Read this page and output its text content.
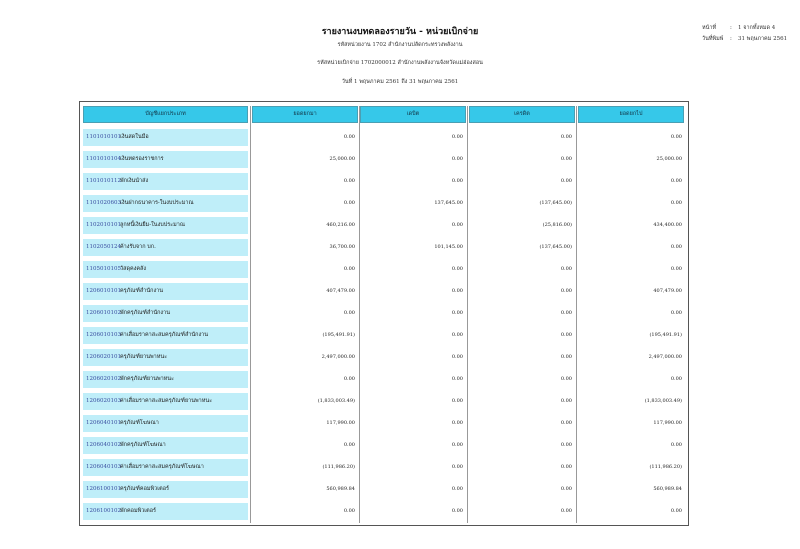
รายงานงบทดลองรายวัน - หน่วยเบิกจ่าย
รหัสหน่วยงาน 1702 สำนักงานปลัดกระทรวงพลังงาน
รหัสหน่วยเบิกจ่าย 1702000012 สำนักงานพลังงานจังหวัดแม่ฮ่องสอน
วันที่ 1 พฤษภาคม 2561 ถึง 31 พฤษภาคม 2561
หน้าที่	: 1 จากทั้งหมด 4
วันที่พิมพ์ : 31 พฤษภาคม 2561
บัญชีแยกประเภท	ยอดยกมา	เดบิต	เครดิต	ยอดยกไป
1101010101เงินสดในมือ	0.00	0.00	0.00	0.00
1101010104เงินทดรองราชการ	25,000.00	0.00	0.00	25,000.00
1101010112พักเงินนำส่ง	0.00	0.00	0.00	0.00
1101020603เงินฝากธนาคาร-ในงบประมาณ	0.00	137,645.00	(137,645.00)	0.00
1102010101ลูกหนี้เงินยืม-ในงบประมาณ	460,216.00	0.00	(25,816.00)	434,400.00
1102050124ค้างรับจาก บก.	36,700.00	101,145.00	(137,645.00)	0.00
1105010105วัสดุคงคลัง	0.00	0.00	0.00	0.00
1206010101ครุภัณฑ์สำนักงาน	407,479.00	0.00	0.00	407,479.00
1206010102พักครุภัณฑ์สำนักงาน	0.00	0.00	0.00	0.00
1206010103ค่าเสื่อมราคาสะสมครุภัณฑ์สำนักงาน	(195,491.91)	0.00	0.00	(195,491.91)
1206020101ครุภัณฑ์ยานพาหนะ	2,497,000.00	0.00	0.00	2,497,000.00
1206020102พักครุภัณฑ์ยานพาหนะ	0.00	0.00	0.00	0.00
1206020103ค่าเสื่อมราคาสะสมครุภัณฑ์ยานพาหนะ	(1,833,003.49)	0.00	0.00	(1,833,003.49)
1206040101ครุภัณฑ์โฆษณา	117,990.00	0.00	0.00	117,990.00
1206040102พักครุภัณฑ์โฆษณา	0.00	0.00	0.00	0.00
1206040103ค่าเสื่อมราคาสะสมครุภัณฑ์โฆษณา	(111,986.20)	0.00	0.00	(111,986.20)
1206100101ครุภัณฑ์คอมพิวเตอร์	560,989.84	0.00	0.00	560,989.84
1206100102พักคอมพิวเตอร์	0.00	0.00	0.00	0.00
